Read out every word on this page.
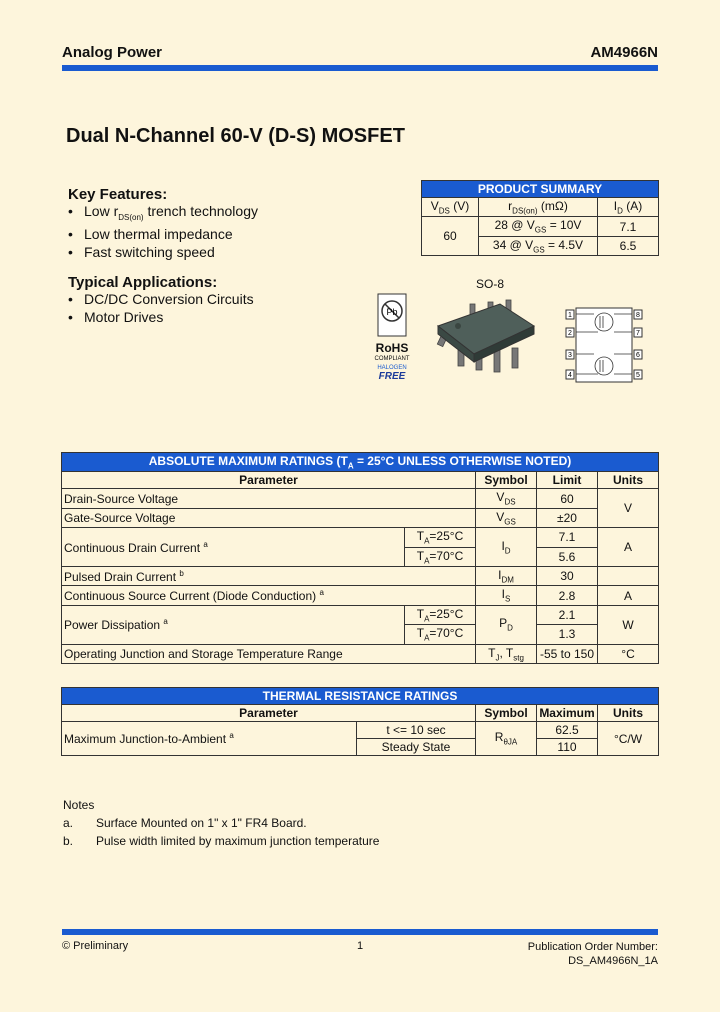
Analog Power	AM4966N
Dual N-Channel 60-V (D-S) MOSFET
Key Features:
• Low $r_{DS(on)}$ trench technology
• Low thermal impedance
• Fast switching speed
Typical Applications:
• DC/DC Conversion Circuits
• Motor Drives
PRODUCT SUMMARY		
$V_{DS}$ (V)	$r_{DS(on)}$ (mΩ)	$I_D$ (A)
60	28 @ $V_{GS} = 10V$	7.1
	34 @ $V_{GS} = 4.5V$	6.5
Pb
RoHS
COMPLIANT
HALOGEN
FREE
SO-8
1
2
3
4
8
7
6
5
ABSOLUTE MAXIMUM RATINGS ($T_A = 25^\circ C$ UNLESS OTHERWISE NOTED)				
Parameter		Symbol	Limit	Units
Drain-Source Voltage		$V_{DS}$	60	V
Gate-Source Voltage		$V_{GS}$	±20	
Continuous Drain Current $^a$	$T_A=25^\circ C$	$I_D$	7.1	A
	$T_A=70^\circ C$		5.6	
Pulsed Drain Current $^b$		$I_{DM}$	30	
Continuous Source Current (Diode Conduction) $^a$		$I_S$	2.8	A
Power Dissipation $^a$	$T_A=25^\circ C$	$P_D$	2.1	W
	$T_A=70^\circ C$		1.3	
Operating Junction and Storage Temperature Range		$T_J$, $T_{stg}$	-55 to 150	°C
THERMAL RESISTANCE RATINGS				
Parameter		Symbol	Maximum	Units
Maximum Junction-to-Ambient $^a$	t <= 10 sec	$R_{\theta JA}$	62.5	°C/W
	Steady State		110	
Notes
a. Surface Mounted on 1" x 1" FR4 Board.
b. Pulse width limited by maximum junction temperature
© Preliminary	1	Publication Order Number:
DS_AM4966N_1A
